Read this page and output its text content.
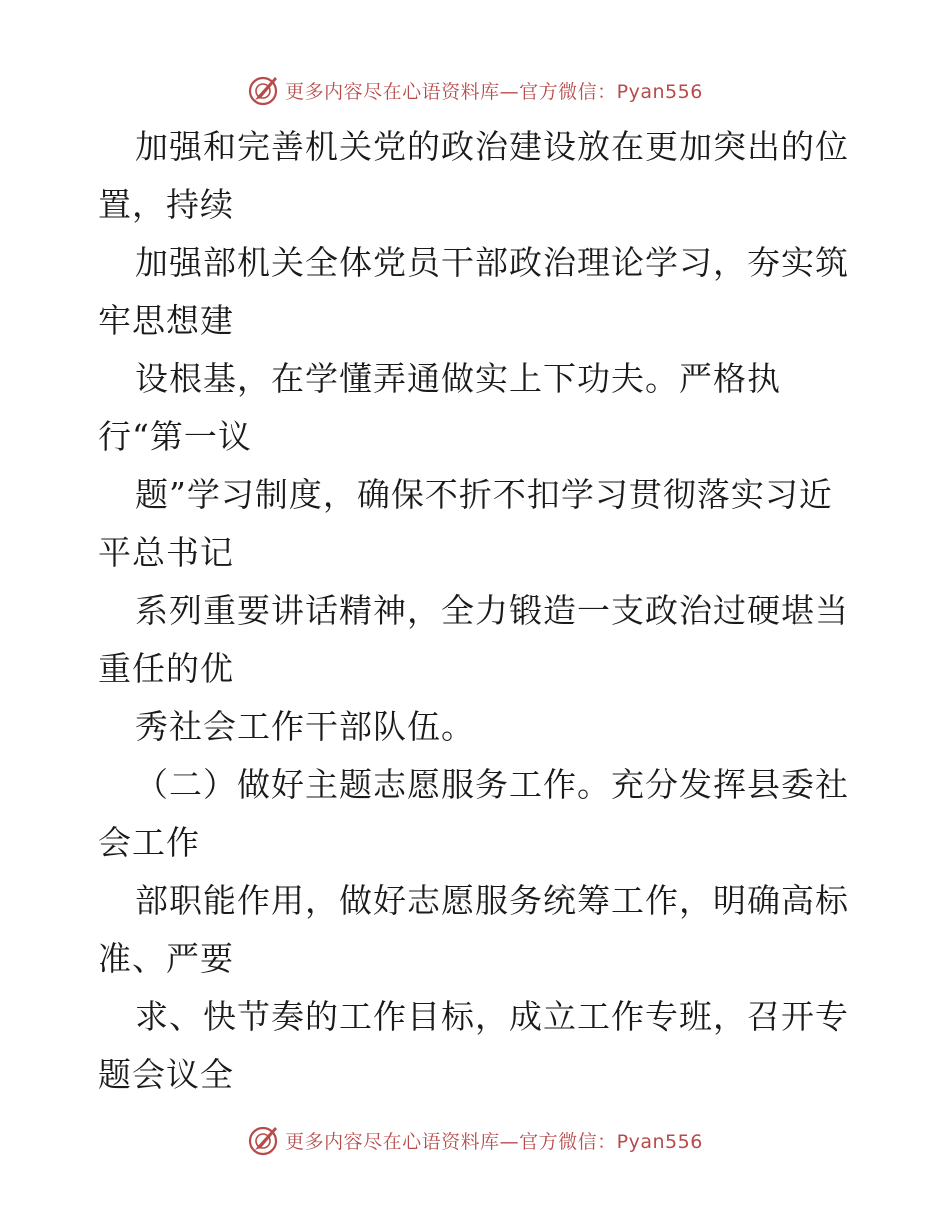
更多内容尽在心语资料库—官方微信：Pyan556
加强和完善机关党的政治建设放在更加突出的位
置，持续
加强部机关全体党员干部政治理论学习，夯实筑
牢思想建
设根基，在学懂弄通做实上下功夫。严格执
行“第一议
题”学习制度，确保不折不扣学习贯彻落实习近
平总书记
系列重要讲话精神，全力锻造一支政治过硬堪当
重任的优
秀社会工作干部队伍。
（二）做好主题志愿服务工作。充分发挥县委社
会工作
部职能作用，做好志愿服务统筹工作，明确高标
准、严要
求、快节奏的工作目标，成立工作专班，召开专
题会议全
更多内容尽在心语资料库—官方微信：Pyan556
